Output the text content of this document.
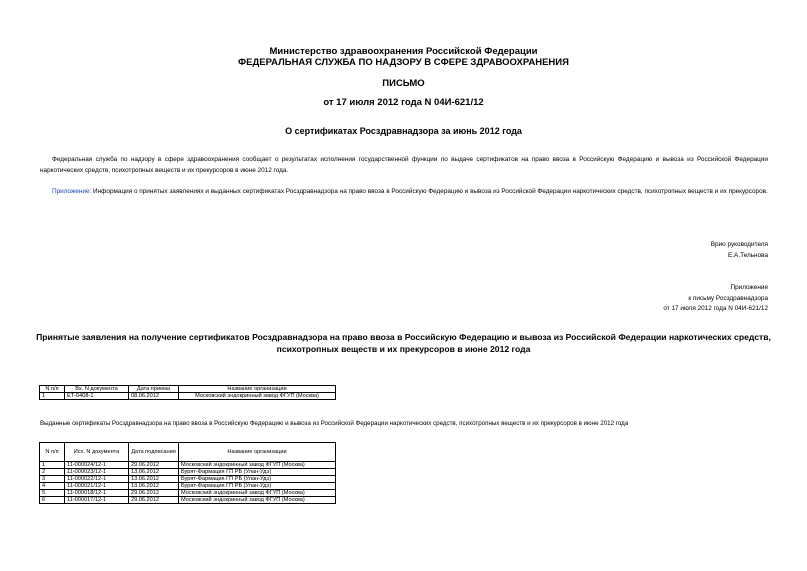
Министерство здравоохранения Российской Федерации
ФЕДЕРАЛЬНАЯ СЛУЖБА ПО НАДЗОРУ В СФЕРЕ ЗДРАВООХРАНЕНИЯ
ПИСЬМО
от 17 июля 2012 года N 04И-621/12
О сертификатах Росздравнадзора за июнь 2012 года
Федеральная служба по надзору в сфере здравоохранения сообщает о результатах исполнения государственной функции по выдаче сертификатов на право ввоза в Российскую Федерацию и вывоза из Российской Федерации наркотических средств, психотропных веществ и их прекурсоров в июне 2012 года.
Приложение: Информация о принятых заявлениях и выданных сертификатах Росздравнадзора на право ввоза в Российскую Федерацию и вывоза из Российской Федерации наркотических средств, психотропных веществ и их прекурсоров.
Врио руководителя
Е.А.Тельнова
Приложение
к письму Росздравнадзора
от 17 июля 2012 года N 04И-621/12
Принятые заявления на получение сертификатов Росздравнадзора на право ввоза в Российскую Федерацию и вывоза из Российской Федерации наркотических средств, психотропных веществ и их прекурсоров в июне 2012 года
N п/п	Вх. N документа	Дата приема	Название организации
1	ЕТ-0408-1	08.06.2012	Московский эндокринный завод ФГУП (Москва)
Выданные сертификаты Росздравнадзора на право ввоза в Российскую Федерацию и вывоза из Российской Федерации наркотических средств, психотропных веществ и их прекурсоров в июне 2012 года
N п/п	Исх. N документа	Дата подписания	Название организации
1	11-000024/12-1	29.06.2012	Московский эндокринный завод ФГУП (Москва)
2	11-000023/12-1	13.06.2012	Бурят-Фармация ГП РБ (Улан-Удэ)
3	11-000022/12-1	13.06.2012	Бурят-Фармация ГП РБ (Улан-Удэ)
4	11-000021/12-1	13.06.2012	Бурят-Фармация ГП РБ (Улан-Удэ)
5	11-000018/12-1	29.06.2012	Московский эндокринный завод ФГУП (Москва)
6	11-000017/12-1	29.06.2012	Московский эндокринный завод ФГУП (Москва)
